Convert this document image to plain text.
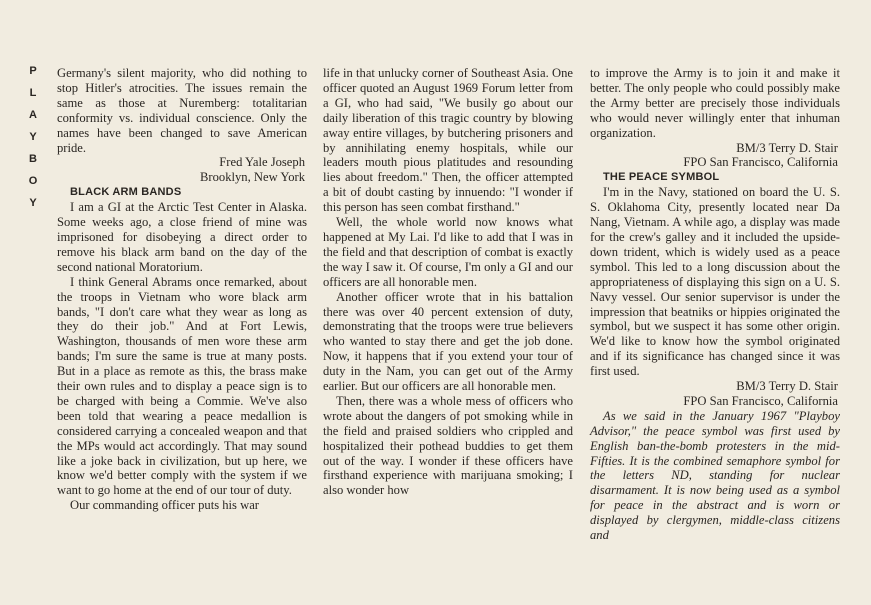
P
L
A
Y
B
O
Y

Germany's silent majority, who did nothing to stop Hitler's atrocities. The issues remain the same as those at Nuremberg: totalitarian conformity vs. individual conscience. Only the names have been changed to save American pride.

Fred Yale Joseph
Brooklyn, New York

BLACK ARM BANDS

I am a GI at the Arctic Test Center in Alaska. Some weeks ago, a close friend of mine was imprisoned for disobeying a direct order to remove his black arm band on the day of the second national Moratorium.

I think General Abrams once remarked, about the troops in Vietnam who wore black arm bands, "I don't care what they wear as long as they do their job." And at Fort Lewis, Washington, thousands of men wore these arm bands; I'm sure the same is true at many posts. But in a place as remote as this, the brass make their own rules and to display a peace sign is to be charged with being a Commie. We've also been told that wearing a peace medallion is considered carrying a concealed weapon and that the MPs would act accordingly. That may sound like a joke back in civilization, but up here, we know we'd better comply with the system if we want to go home at the end of our tour of duty.

Our commanding officer puts his war

life in that unlucky corner of Southeast Asia. One officer quoted an August 1969 Forum letter from a GI, who had said, "We busily go about our daily liberation of this tragic country by blowing away entire villages, by butchering prisoners and by annihilating enemy hospitals, while our leaders mouth pious platitudes and resounding lies about freedom." Then, the officer attempted a bit of doubt casting by innuendo: "I wonder if this person has seen combat firsthand."

Well, the whole world now knows what happened at My Lai. I'd like to add that I was in the field and that description of combat is exactly the way I saw it. Of course, I'm only a GI and our officers are all honorable men.

Another officer wrote that in his battalion there was over 40 percent extension of duty, demonstrating that the troops were true believers who wanted to stay there and get the job done. Now, it happens that if you extend your tour of duty in the Nam, you can get out of the Army earlier. But our officers are all honorable men.

Then, there was a whole mess of officers who wrote about the dangers of pot smoking while in the field and praised soldiers who crippled and hospitalized their pothead buddies to get them out of the way. I wonder if these officers have firsthand experience with marijuana smoking; I also wonder how

to improve the Army is to join it and make it better. The only people who could possibly make the Army better are precisely those individuals who would never willingly enter that inhuman organization.

BM/3 Terry D. Stair
FPO San Francisco, California

THE PEACE SYMBOL

I'm in the Navy, stationed on board the U. S. S. Oklahoma City, presently located near Da Nang, Vietnam. A while ago, a display was made for the crew's galley and it included the upside-down trident, which is widely used as a peace symbol. This led to a long discussion about the appropriateness of displaying this sign on a U. S. Navy vessel. Our senior supervisor is under the impression that beatniks or hippies originated the symbol, but we suspect it has some other origin. We'd like to know how the symbol originated and if its significance has changed since it was first used.

BM/3 Terry D. Stair
FPO San Francisco, California

As we said in the January 1967 "Playboy Advisor," the peace symbol was first used by English ban-the-bomb protesters in the mid-Fifties. It is the combined semaphore symbol for the letters ND, standing for nuclear disarmament. It is now being used as a symbol for peace in the abstract and is worn or displayed by clergymen, middle-class citizens and
